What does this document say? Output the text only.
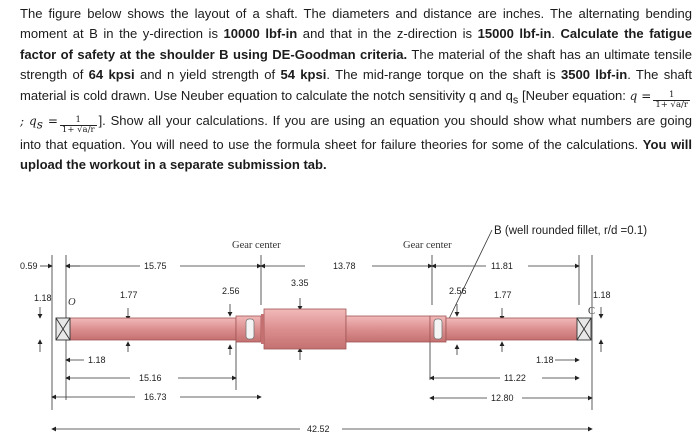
The figure below shows the layout of a shaft. The diameters and distance are inches. The alternating bending moment at B in the y-direction is 10000 lbf-in and that in the z-direction is 15000 lbf-in. Calculate the fatigue factor of safety at the shoulder B using DE-Goodman criteria. The material of the shaft has an ultimate tensile strength of 64 kpsi and n yield strength of 54 kpsi. The mid-range torque on the shaft is 3500 lbf-in. The shaft material is cold drawn. Use Neuber equation to calculate the notch sensitivity q and $q_s$ [Neuber equation: $q = \frac{1}{1+ √a/r}$
; $q_s = \frac{1}{1+ √a/r}$ ]. Show all your calculations. If you are using an equation you should show what numbers are going into that equation. You will need to use the formula sheet for failure theories for some of the calculations. You will upload the workout in a separate submission tab.

B (well rounded fillet, r/d =0.1)
Gear center	Gear center
O
C
0.59	15.75	13.78	11.81
1.18	1.77	2.56
3.35
2.56	1.77	1.18
1.18
15.16
16.73
42.52
11.22
12.80
1.18
